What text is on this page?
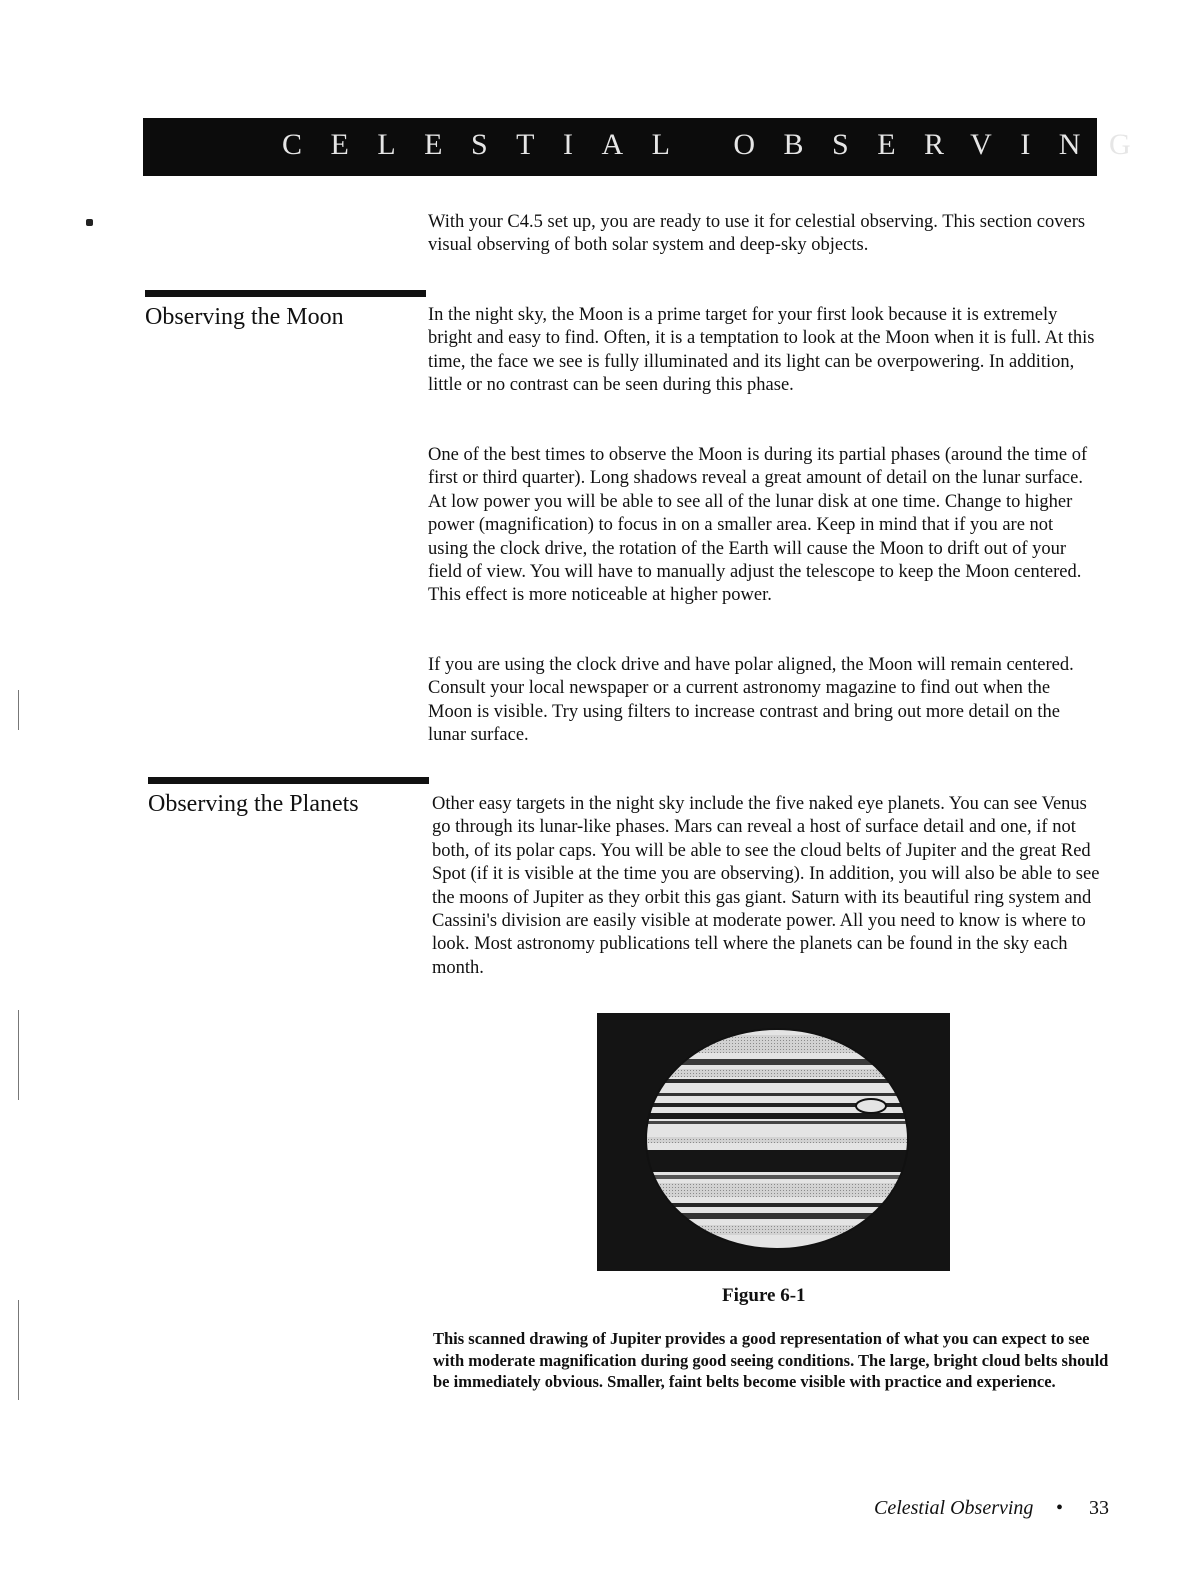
CELESTIAL OBSERVING

With your C4.5 set up, you are ready to use it for celestial observing. This section covers visual observing of both solar system and deep-sky objects.

Observing the Moon	In the night sky, the Moon is a prime target for your first look because it is extremely bright and easy to find. Often, it is a temptation to look at the Moon when it is full. At this time, the face we see is fully illuminated and its light can be overpowering. In addition, little or no contrast can be seen during this phase.

One of the best times to observe the Moon is during its partial phases (around the time of first or third quarter). Long shadows reveal a great amount of detail on the lunar surface. At low power you will be able to see all of the lunar disk at one time. Change to higher power (magnification) to focus in on a smaller area. Keep in mind that if you are not using the clock drive, the rotation of the Earth will cause the Moon to drift out of your field of view. You will have to manually adjust the telescope to keep the Moon centered. This effect is more noticeable at higher power.

If you are using the clock drive and have polar aligned, the Moon will remain centered. Consult your local newspaper or a current astronomy magazine to find out when the Moon is visible. Try using filters to increase contrast and bring out more detail on the lunar surface.

Observing the Planets	Other easy targets in the night sky include the five naked eye planets. You can see Venus go through its lunar-like phases. Mars can reveal a host of surface detail and one, if not both, of its polar caps. You will be able to see the cloud belts of Jupiter and the great Red Spot (if it is visible at the time you are observing). In addition, you will also be able to see the moons of Jupiter as they orbit this gas giant. Saturn with its beautiful ring system and Cassini's division are easily visible at moderate power. All you need to know is where to look. Most astronomy publications tell where the planets can be found in the sky each month.

Figure 6-1

This scanned drawing of Jupiter provides a good representation of what you can expect to see with moderate magnification during good seeing conditions. The large, bright cloud belts should be immediately obvious. Smaller, faint belts become visible with practice and experience.

Celestial Observing • 33
